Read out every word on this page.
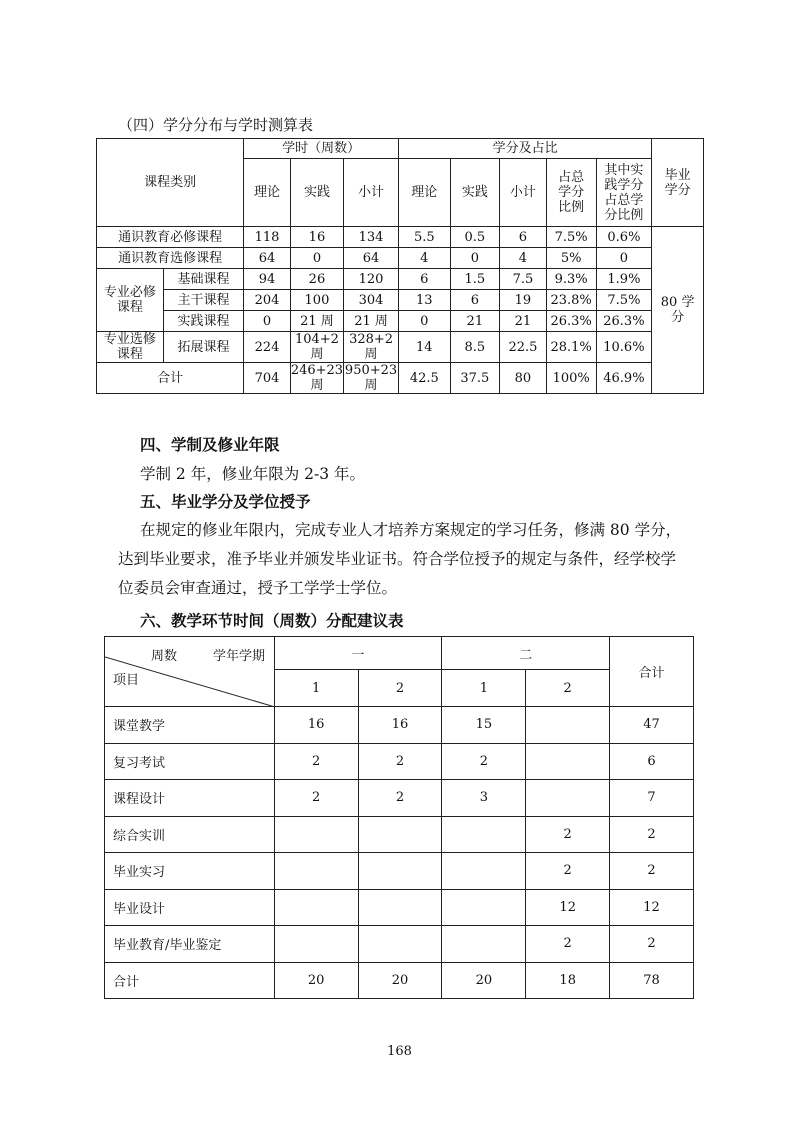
（四）学分分布与学时测算表
课程类别		学时（周数）			学分及占比					毕业学分

		理论	实践	小计	理论	实践	小计	占总学分比例	其中实践学分占总学分比例	

通识教育必修课程		118	16	134	5.5	0.5	6	7.5%	0.6%	80 学分

通识教育选修课程		64	0	64	4	0	4	5%	0	

专业必修课程	基础课程	94	26	120	6	1.5	7.5	9.3%	1.9%	
	主干课程	204	100	304	13	6	19	23.8%	7.5%	
	实践课程	0	21 周	21 周	0	21	21	26.3%	26.3%	

专业选修课程	拓展课程	224	104+2周	328+2周	14	8.5	22.5	28.1%	10.6%	
合计		704	246+23周	950+23周	42.5	37.5	80	100%	46.9%	
四、学制及修业年限
学制 2 年，修业年限为 2-3 年。
五、毕业学分及学位授予
在规定的修业年限内，完成专业人才培养方案规定的学习任务，修满 80 学分，
达到毕业要求，准予毕业并颁发毕业证书。符合学位授予的规定与条件，经学校学
位委员会审查通过，授予工学学士学位。
六、教学环节时间（周数）分配建议表
周数 学年学期
项目	一		二		合计
	1	2	1	2	
课堂教学	16	16	15		47
复习考试	2	2	2		6
课程设计	2	2	3		7
综合实训				2	2
毕业实习				2	2
毕业设计				12	12
毕业教育/毕业鉴定				2	2
合计	20	20	20	18	78
168
